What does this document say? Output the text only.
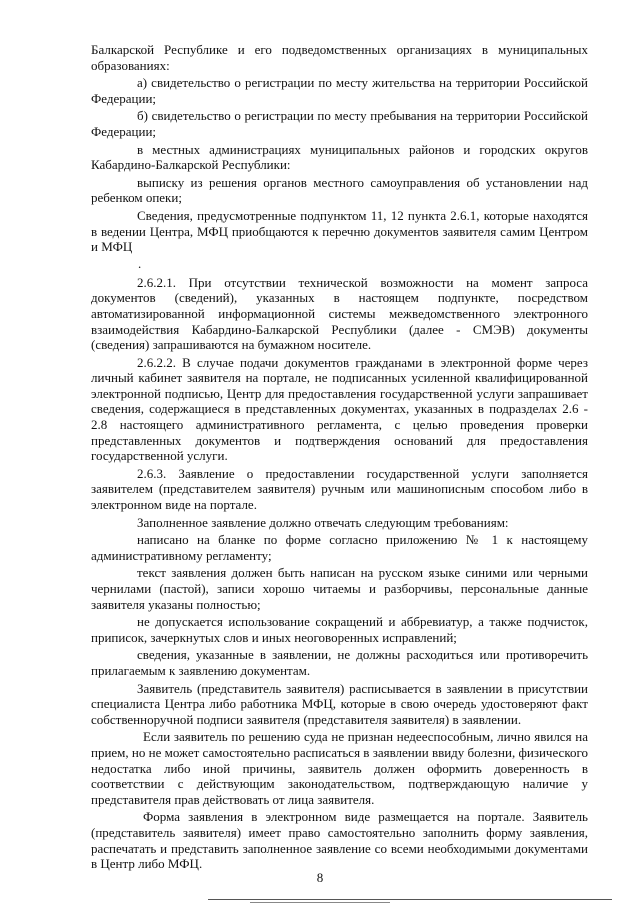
Балкарской Республике и его подведомственных организациях в муниципальных образованиях:

а) свидетельство о регистрации по месту жительства на территории Российской Федерации;

б) свидетельство о регистрации по месту пребывания на территории Российской Федерации;

в местных администрациях муниципальных районов и городских округов Кабардино-Балкарской Республики:

выписку из решения органов местного самоуправления об установлении над ребенком опеки;

Сведения, предусмотренные подпунктом 11, 12 пункта 2.6.1, которые находятся в ведении Центра, МФЦ приобщаются к перечню документов заявителя самим Центром и МФЦ

.

2.6.2.1. При отсутствии технической возможности на момент запроса документов (сведений), указанных в настоящем подпункте, посредством автоматизированной информационной системы межведомственного электронного взаимодействия Кабардино-Балкарской Республики (далее - СМЭВ) документы (сведения) запрашиваются на бумажном носителе.

2.6.2.2. В случае подачи документов гражданами в электронной форме через личный кабинет заявителя на портале, не подписанных усиленной квалифицированной электронной подписью, Центр для предоставления государственной услуги запрашивает сведения, содержащиеся в представленных документах, указанных в подразделах 2.6 - 2.8 настоящего административного регламента, с целью проведения проверки представленных документов и подтверждения оснований для предоставления государственной услуги.

2.6.3. Заявление о предоставлении государственной услуги заполняется заявителем (представителем заявителя) ручным или машинописным способом либо в электронном виде на портале.

Заполненное заявление должно отвечать следующим требованиям:

написано на бланке по форме согласно приложению № 1 к настоящему административному регламенту;

текст заявления должен быть написан на русском языке синими или черными чернилами (пастой), записи хорошо читаемы и разборчивы, персональные данные заявителя указаны полностью;

не допускается использование сокращений и аббревиатур, а также подчисток, приписок, зачеркнутых слов и иных неоговоренных исправлений;

сведения, указанные в заявлении, не должны расходиться или противоречить прилагаемым к заявлению документам.

Заявитель (представитель заявителя) расписывается в заявлении в присутствии специалиста Центра либо работника МФЦ, которые в свою очередь удостоверяют факт собственноручной подписи заявителя (представителя заявителя) в заявлении.

Если заявитель по решению суда не признан недееспособным, лично явился на прием, но не может самостоятельно расписаться в заявлении ввиду болезни, физического недостатка либо иной причины, заявитель должен оформить доверенность в соответствии с действующим законодательством, подтверждающую наличие у представителя прав действовать от лица заявителя.

Форма заявления в электронном виде размещается на портале. Заявитель (представитель заявителя) имеет право самостоятельно заполнить форму заявления, распечатать и представить заполненное заявление со всеми необходимыми документами в Центр либо МФЦ.

8
